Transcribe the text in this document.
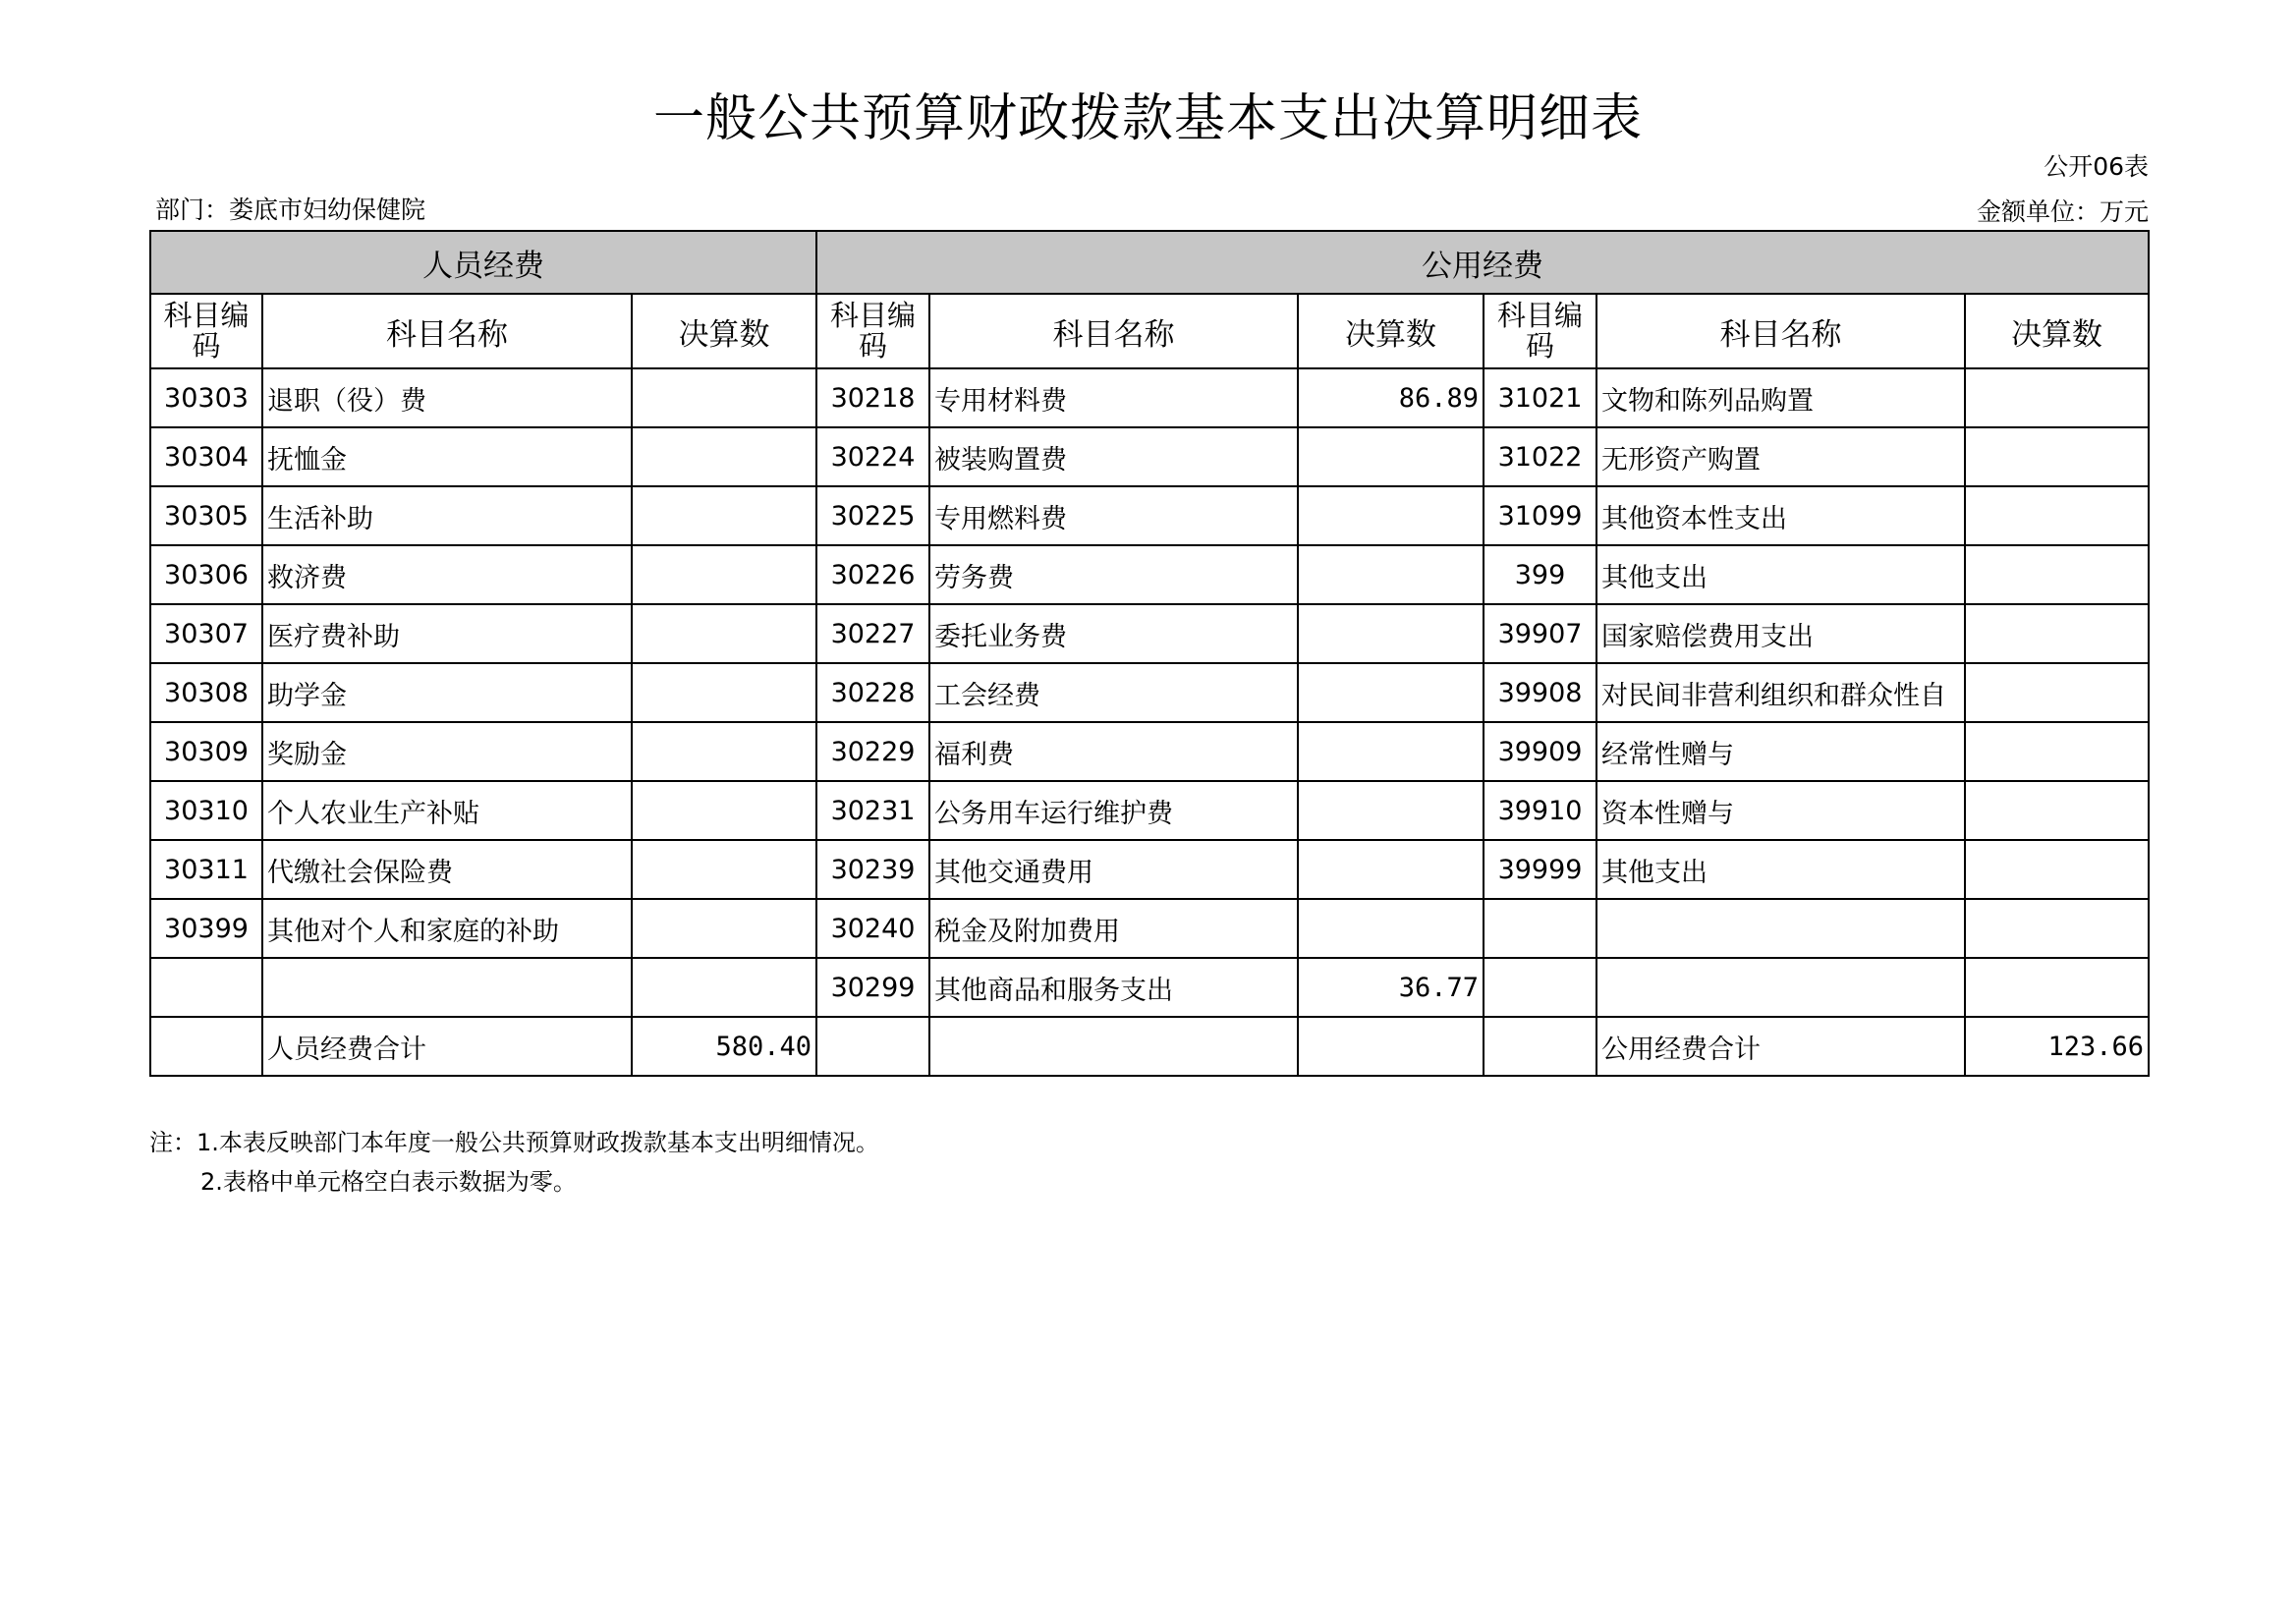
一般公共预算财政拨款基本支出决算明细表
公开06表
部门：娄底市妇幼保健院	金额单位：万元
人员经费			公用经费					
科目编码	科目名称	决算数	科目编码	科目名称	决算数	科目编码	科目名称	决算数
30303	退职（役）费		30218	专用材料费	86.89	31021	文物和陈列品购置	
30304	抚恤金		30224	被装购置费		31022	无形资产购置	
30305	生活补助		30225	专用燃料费		31099	其他资本性支出	
30306	救济费		30226	劳务费		399	其他支出	
30307	医疗费补助		30227	委托业务费		39907	国家赔偿费用支出	
30308	助学金		30228	工会经费		39908	对民间非营利组织和群众性自	
30309	奖励金		30229	福利费		39909	经常性赠与	
30310	个人农业生产补贴		30231	公务用车运行维护费		39910	资本性赠与	
30311	代缴社会保险费		30239	其他交通费用		39999	其他支出	
30399	其他对个人和家庭的补助		30240	税金及附加费用				
			30299	其他商品和服务支出	36.77			
	人员经费合计	580.40					公用经费合计	123.66
注：1.本表反映部门本年度一般公共预算财政拨款基本支出明细情况。
2.表格中单元格空白表示数据为零。
